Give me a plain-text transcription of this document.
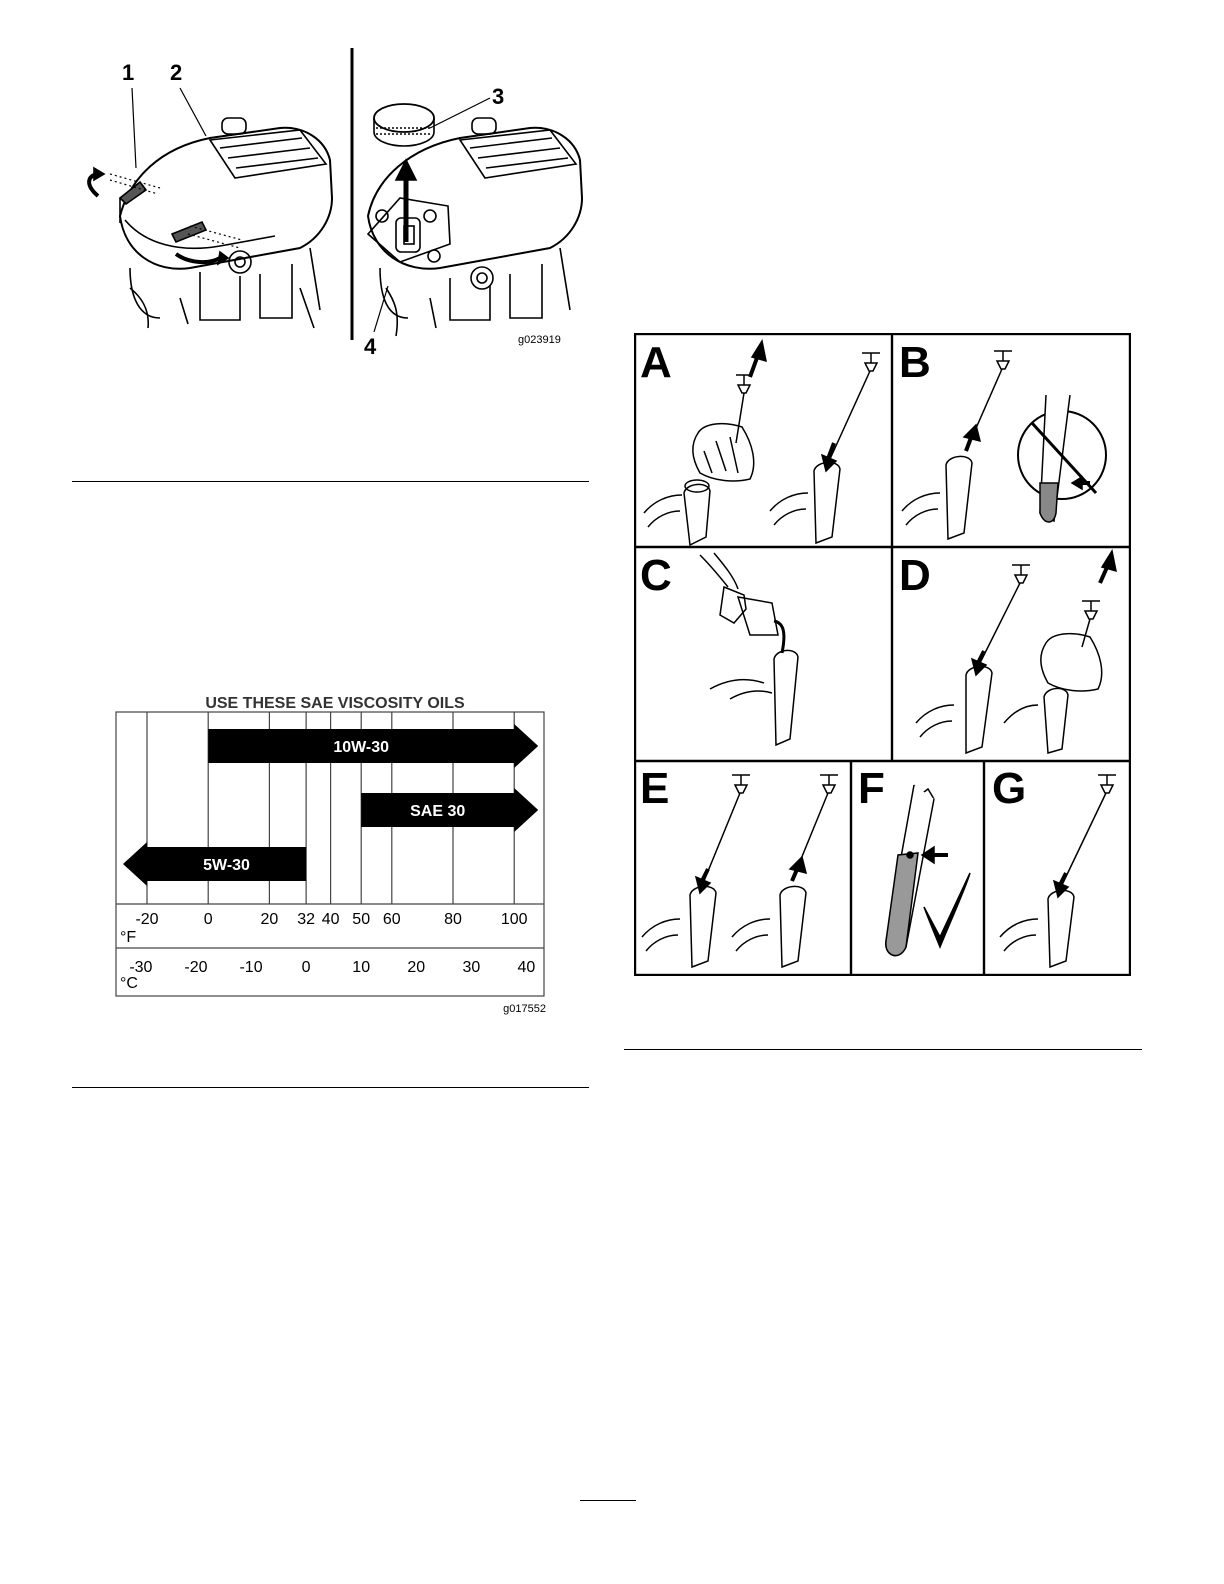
1 2
3
4	g023919
USE THESE SAE VISCOSITY OILS
10W-30
SAE 30
5W-30
-20	0	20 32 40 50 60	80 100
°F
-30 -20 -10 0	10 20 30 40
°C
g017552
A	B
C	D
E	F G
